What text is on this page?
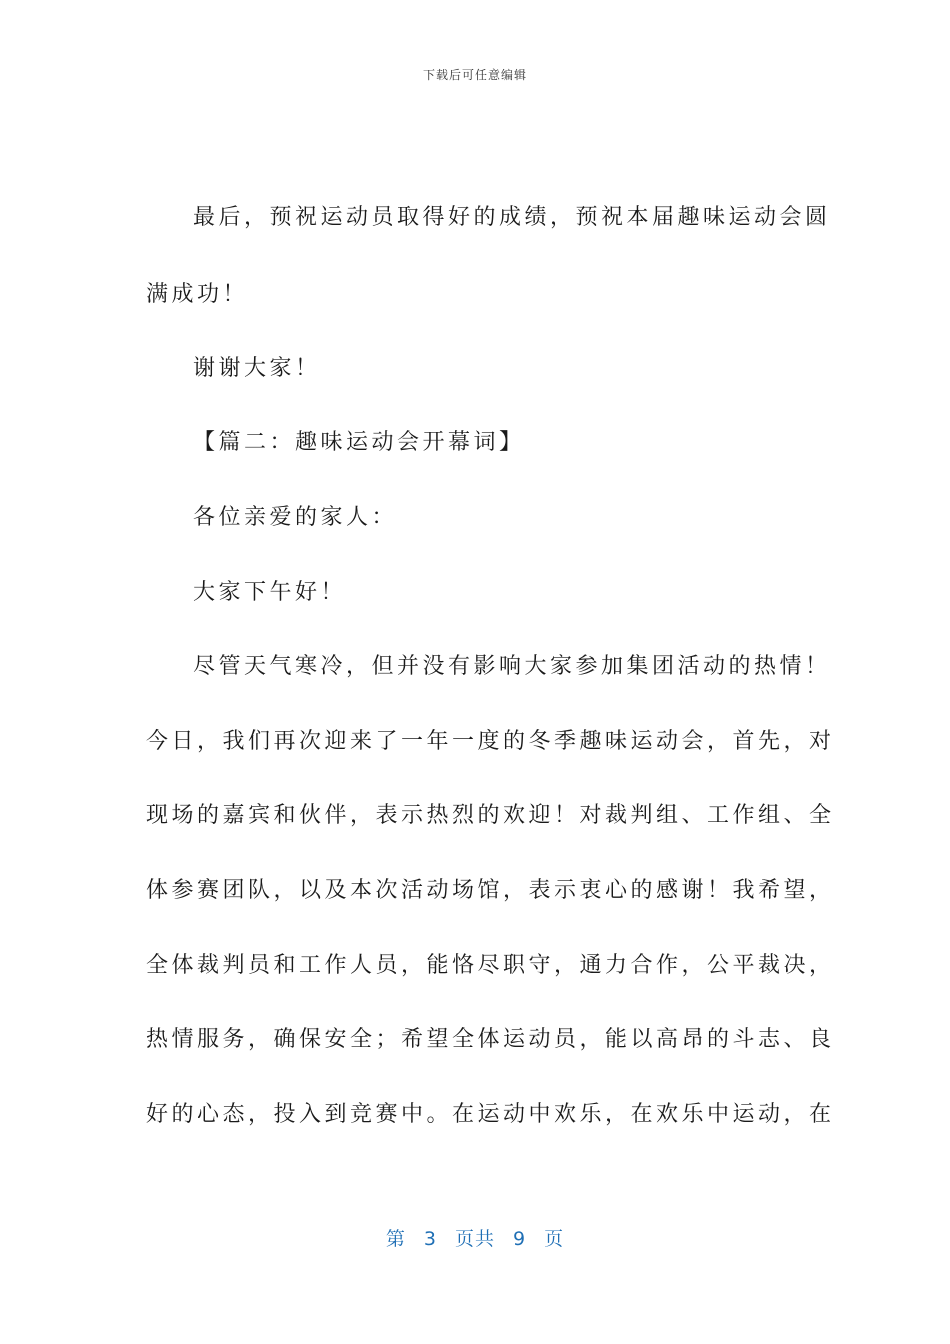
下载后可任意编辑
最后，预祝运动员取得好的成绩，预祝本届趣味运动会圆
满成功！
谢谢大家！
【篇二：趣味运动会开幕词】
各位亲爱的家人：
大家下午好！
尽管天气寒冷，但并没有影响大家参加集团活动的热情！
今日，我们再次迎来了一年一度的冬季趣味运动会，首先，对
现场的嘉宾和伙伴，表示热烈的欢迎！对裁判组、工作组、全
体参赛团队，以及本次活动场馆，表示衷心的感谢！我希望，
全体裁判员和工作人员，能恪尽职守，通力合作，公平裁决，
热情服务，确保安全；希望全体运动员，能以高昂的斗志、良
好的心态，投入到竞赛中。在运动中欢乐，在欢乐中运动，在
第 3 页共 9 页
